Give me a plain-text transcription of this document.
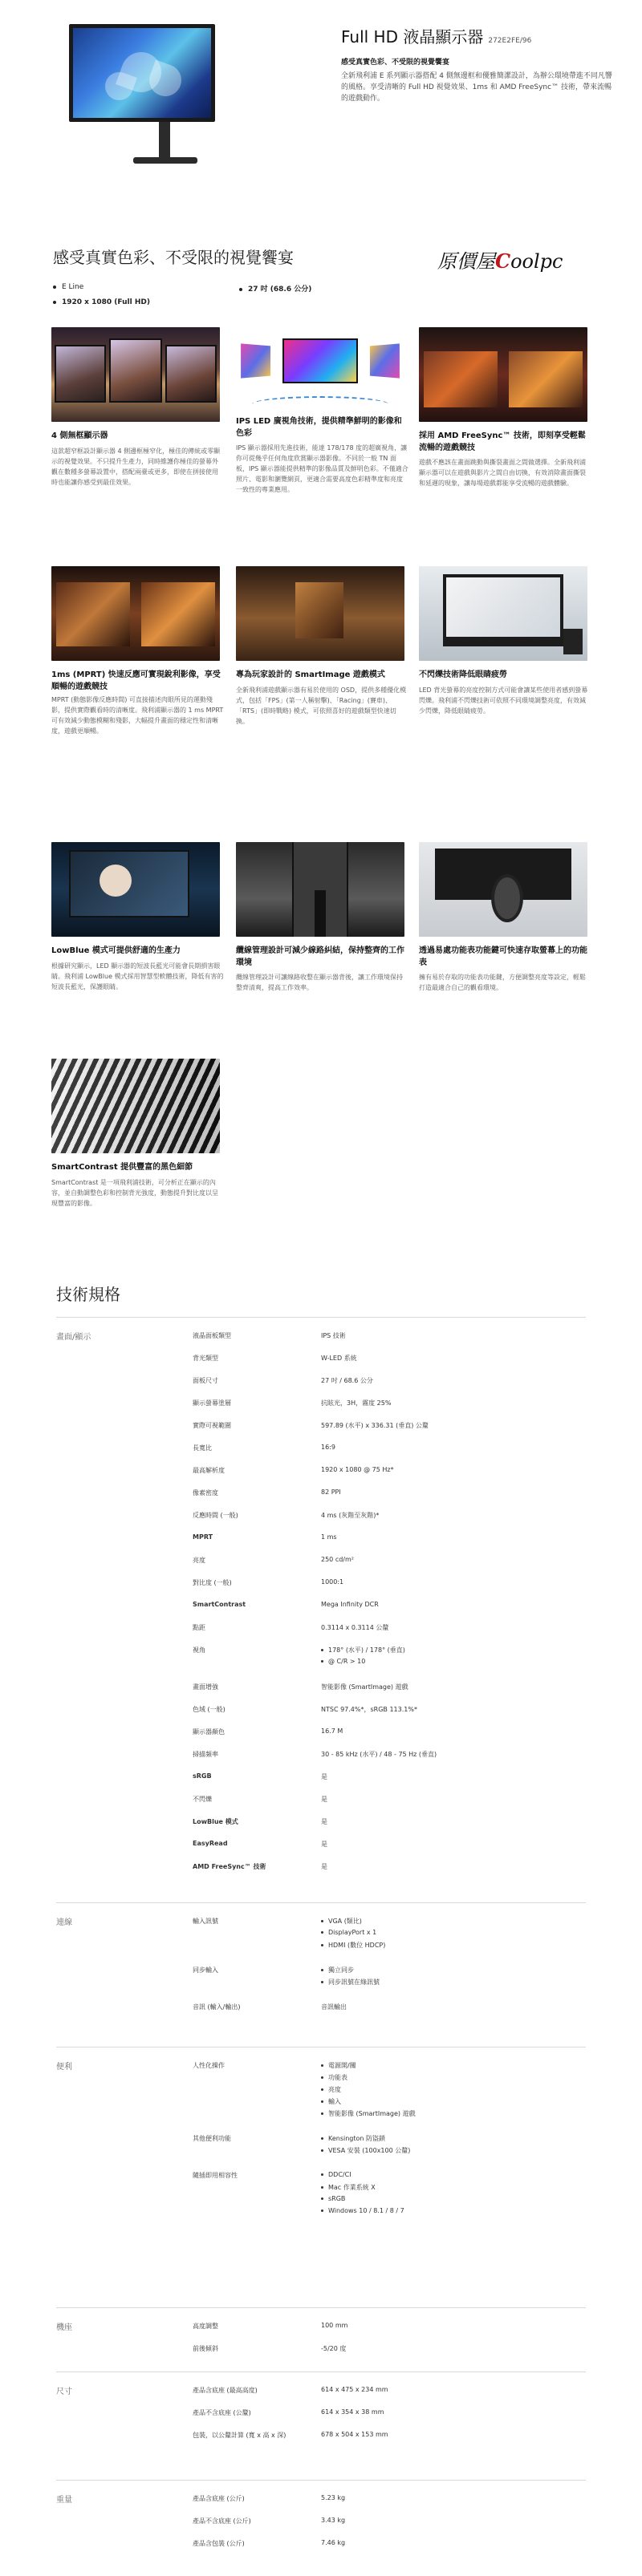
Full HD 液晶顯示器 272E2FE/96
感受真實色彩、不受限的視覺饗宴
全新飛利浦 E 系列顯示器搭配 4 側無邊框和優雅簡潔設計，為辦公環境帶進不同凡響的風格。享受清晰的 Full HD 視覺效果、1ms 和 AMD FreeSync™ 技術，帶來流暢的遊戲動作。
感受真實色彩、不受限的視覺饗宴	原價屋Coolpc
E Line
1920 x 1080 (Full HD)
27 吋 (68.6 公分)
4 側無框顯示器
這款超窄框設計顯示器 4 側邊框極窄化，極佳的傳統或零顯示的視覺效果。不只提升生產力，同時維護你極佳的螢幕外觀在數種多螢幕設置中，搭配兩臺或更多，即使在拼接使用時也能讓你感受到最佳效果。
IPS LED 廣視角技術，提供精準鮮明的影像和色彩
IPS 顯示器採用先進技術，能達 178/178 度的超廣視角，讓你可從幾乎任何角度欣賞顯示器影像。不同於一般 TN 面板，IPS 顯示器能提供精準的影像品質及鮮明色彩。不僅適合照片、電影和瀏覽網頁，更適合需要高度色彩精準度和亮度一致性的專業應用。
採用 AMD FreeSync™ 技術，即刻享受輕鬆流暢的遊戲競技
遊戲不應該在畫面跳動與撕裂畫面之間做選擇。全新飛利浦顯示器可以在遊戲與影片之間自由切換，有效消除畫面撕裂和延遲的現象，讓每場遊戲都能享受流暢的遊戲體驗。
1ms (MPRT) 快速反應可實現銳利影像，享受順暢的遊戲競技
MPRT (動態影像反應時間) 可直接描述肉眼所見的運動殘影，提供實際觀看時的清晰度。飛利浦顯示器的 1 ms MPRT 可有效減少動態模糊和殘影，大幅提升畫面的穩定性和清晰度，遊戲更順暢。
專為玩家設計的 SmartImage 遊戲模式
全新飛利浦遊戲顯示器有易於使用的 OSD，提供多種優化模式，包括「FPS」(第一人稱射擊)、「Racing」(賽車)、「RTS」(即時戰略) 模式，可依照喜好的遊戲類型快速切換。
不閃爍技術降低眼睛疲勞
LED 背光螢幕的亮度控制方式可能會讓某些使用者感到螢幕閃爍。飛利浦不閃爍技術可依照不同環境調整亮度，有效減少閃爍，降低眼睛疲勞。
LowBlue 模式可提供舒適的生產力
根據研究顯示，LED 顯示器的短波長藍光可能會長期損害眼睛。飛利浦 LowBlue 模式採用智慧型軟體技術，降低有害的短波長藍光，保護眼睛。
纜線管理設計可減少線路糾結，保持整齊的工作環境
纜線管理設計可讓線路收整在顯示器背後，讓工作環境保持整齊清爽，提高工作效率。
透過易處功能表功能鍵可快速存取螢幕上的功能表
擁有易於存取的功能表功能鍵，方便調整亮度等設定，輕鬆打造最適合自己的觀看環境。
SmartContrast 提供豐富的黑色細節
SmartContrast 是一項飛利浦技術，可分析正在顯示的內容，並自動調整色彩和控制背光強度，動態提升對比度以呈現豐富的影像。
技術規格
畫面/顯示	液晶面板類型	IPS 技術
背光類型	W-LED 系統
面板尺寸	27 吋 / 68.6 公分
顯示螢幕塗層	抗眩光，3H，霧度 25%
實際可視範圍	597.89 (水平) x 336.31 (垂直) 公釐
長寬比	16:9
最高解析度	1920 x 1080 @ 75 Hz*
像素密度	82 PPI
反應時間 (一般)	4 ms (灰階至灰階)*
MPRT	1 ms
亮度	250 cd/m²
對比度 (一般)	1000:1
SmartContrast	Mega Infinity DCR
點距	0.3114 x 0.3114 公釐
視角	178° (水平) / 178° (垂直)
@ C/R > 10
畫面增強	智能影像 (SmartImage) 遊戲
色域 (一般)	NTSC 97.4%*，sRGB 113.1%*
顯示器顏色	16.7 M
掃描頻率	30 - 85 kHz (水平) / 48 - 75 Hz (垂直)
sRGB	是
不閃爍	是
LowBlue 模式	是
EasyRead	是
AMD FreeSync™ 技術	是
連線	輸入訊號	VGA (類比)
DisplayPort x 1
HDMI (數位 HDCP)
同步輸入	獨立同步
同步訊號在綠訊號
音訊 (輸入/輸出)	音訊輸出
便利	人性化操作	電源開/關
功能表
亮度
輸入
智能影像 (SmartImage) 遊戲
其他便利功能	Kensington 防盜鎖
VESA 安裝 (100x100 公釐)
隨插即用相容性	DDC/CI
Mac 作業系統 X
sRGB
Windows 10 / 8.1 / 8 / 7
機座	高度調整	100 mm
前後傾斜	-5/20 度
尺寸	產品含底座 (最高高度)	614 x 475 x 234 mm
產品不含底座 (公釐)	614 x 354 x 38 mm
包裝，以公釐計算 (寬 x 高 x 深)	678 x 504 x 153 mm
重量	產品含底座 (公斤)	5.23 kg
產品不含底座 (公斤)	3.43 kg
產品含包裝 (公斤)	7.46 kg
